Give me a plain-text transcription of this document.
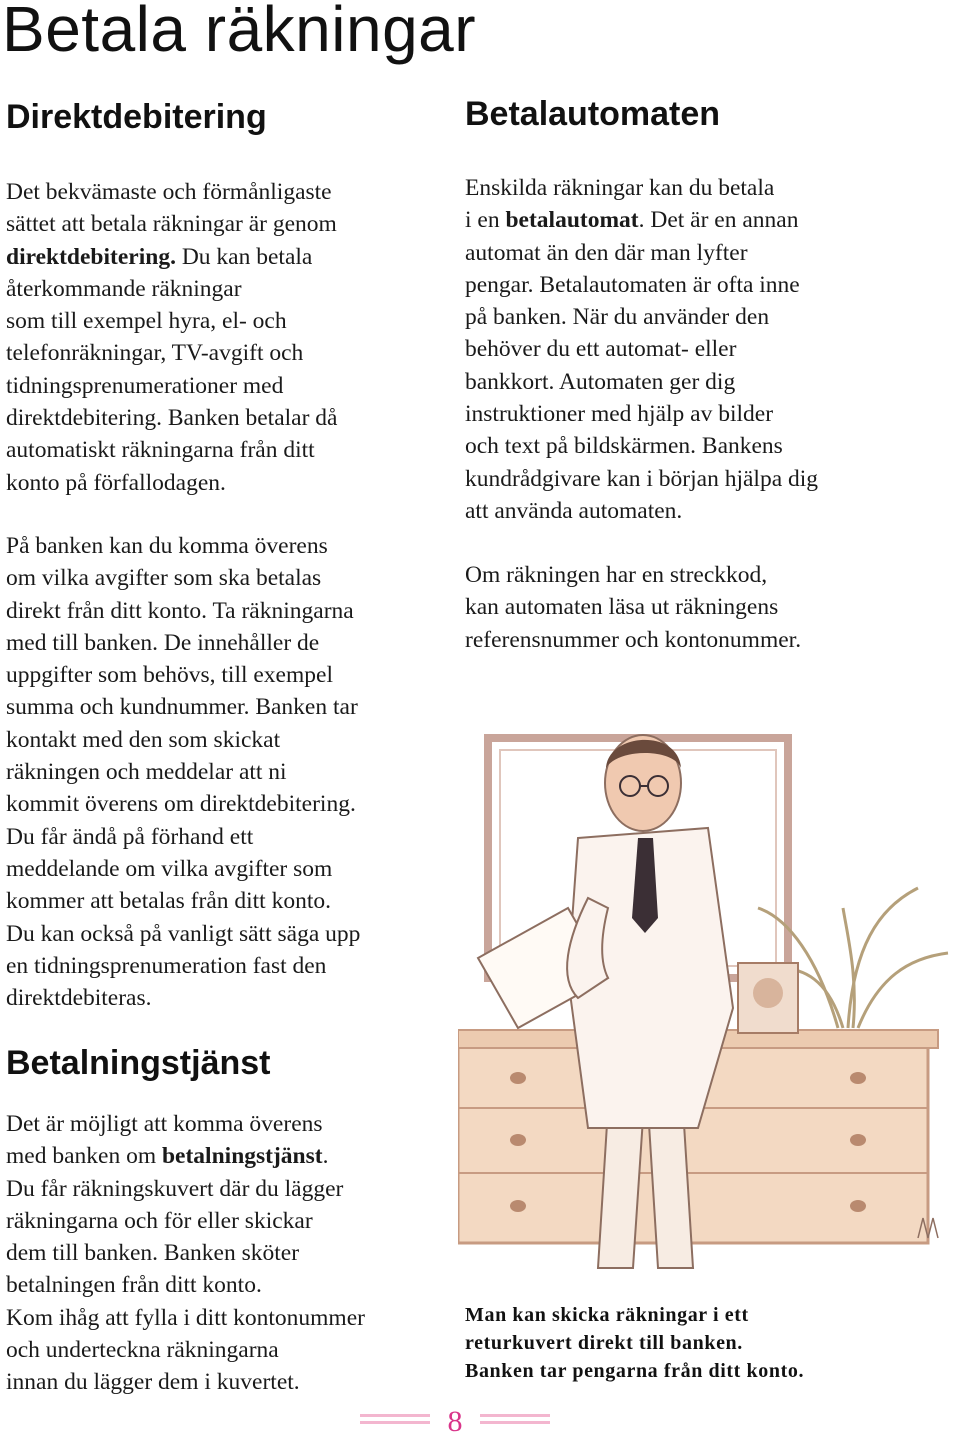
Betala räkningar
Direktdebitering

Det bekvämaste och förmånligaste
sättet att betala räkningar är genom
direktdebitering. Du kan betala
återkommande räkningar
som till exempel hyra, el- och
telefonräkningar, TV-avgift och
tidningsprenumerationer med
direktdebitering. Banken betalar då
automatiskt räkningarna från ditt
konto på förfallodagen.

På banken kan du komma överens
om vilka avgifter som ska betalas
direkt från ditt konto. Ta räkningarna
med till banken. De innehåller de
uppgifter som behövs, till exempel
summa och kundnummer. Banken tar
kontakt med den som skickat
räkningen och meddelar att ni
kommit överens om direktdebitering.
Du får ändå på förhand ett
meddelande om vilka avgifter som
kommer att betalas från ditt konto.
Du kan också på vanligt sätt säga upp
en tidningsprenumeration fast den
direktdebiteras.

Betalningstjänst

Det är möjligt att komma överens
med banken om betalningstjänst.
Du får räkningskuvert där du lägger
räkningarna och för eller skickar
dem till banken. Banken sköter
betalningen från ditt konto.
Kom ihåg att fylla i ditt kontonummer
och underteckna räkningarna
innan du lägger dem i kuvertet.

Betalautomaten

Enskilda räkningar kan du betala
i en betalautomat. Det är en annan
automat än den där man lyfter
pengar. Betalautomaten är ofta inne
på banken. När du använder den
behöver du ett automat- eller
bankkort. Automaten ger dig
instruktioner med hjälp av bilder
och text på bildskärmen. Bankens
kundrådgivare kan i början hjälpa dig
att använda automaten.

Om räkningen har en streckkod,
kan automaten läsa ut räkningens
referensnummer och kontonummer.

Man kan skicka räkningar i ett
returkuvert direkt till banken.
Banken tar pengarna från ditt konto.
8
